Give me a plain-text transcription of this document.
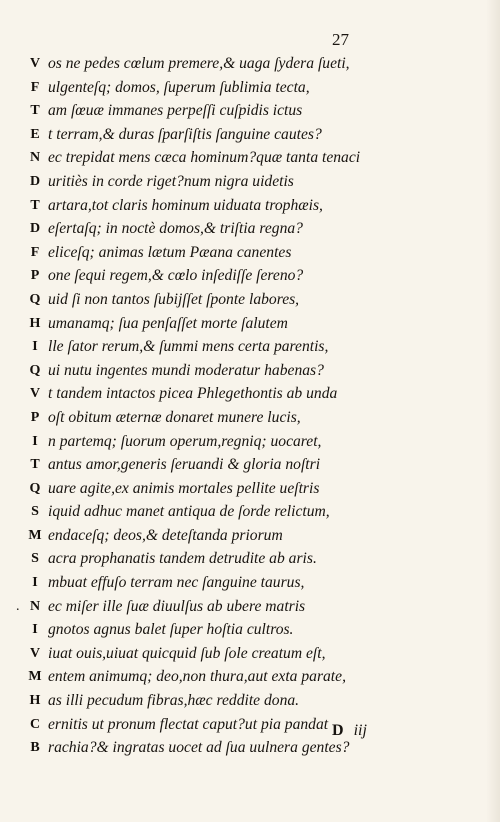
27
V os ne pedes cœlum premere,& uaga ſydera ſueti,
F ulgenteſq; domos, ſuperum ſublimia tecta,
T am ſœuæ immanes perpeſſi cuſpidis ictus
E t terram,& duras ſparſiſtis ſanguine cautes?
N ec trepidat mens cæca hominum?quæ tanta tenaci
D uritiès in corde riget?num nigra uidetis
T artara,tot claris hominum uiduata trophæis,
D eſertaſq; in noctè domos,& triſtia regna?
F eliceſq; animas lætum Pæana canentes
P one ſequi regem,& cœlo inſediſſe ſereno?
Q uid ſi non tantos ſubijſſet ſponte labores,
H umanamq; ſua penſaſſet morte ſalutem
I lle ſator rerum,& ſummi mens certa parentis,
Q ui nutu ingentes mundi moderatur habenas?
V t tandem intactos picea Phlegethontis ab unda
P oſt obitum æternæ donaret munere lucis,
I n partemq; ſuorum operum,regniq; uocaret,
T antus amor,generis ſeruandi & gloria noſtri
Q uare agite,ex animis mortales pellite ueſtris
S iquid adhuc manet antiqua de ſorde relictum,
M endaceſq; deos,& deteſtanda priorum
S acra prophanatis tandem detrudite ab aris.
I mbuat effuſo terram nec ſanguine taurus,
. N ec miſer ille ſuæ diuulſus ab ubere matris
I gnotos agnus balet ſuper hoſtia cultros.
V iuat ouis,uiuat quicquid ſub ſole creatum eſt,
M entem animumq; deo,non thura,aut exta parate,
H as illi pecudum fibras,hæc reddite dona.
C ernitis ut pronum flectat caput?ut pia pandat
B rachia?& ingratas uocet ad ſua uulnera gentes?
D iij
